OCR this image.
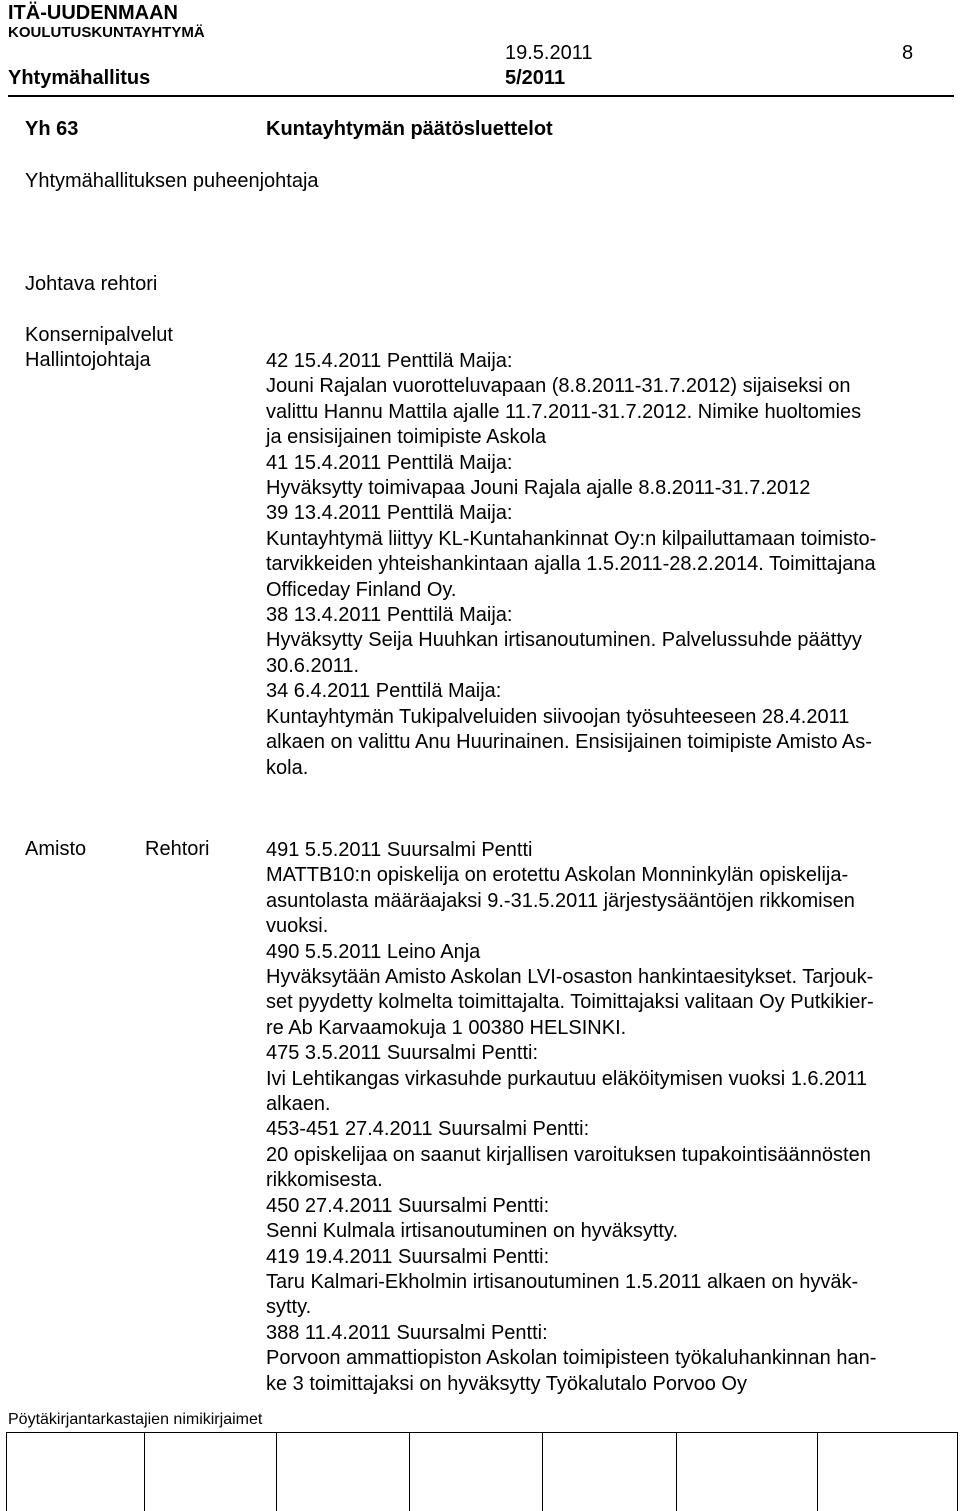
ITÄ-UUDENMAAN
KOULUTUSKUNTAYHTYMÄ
19.5.2011	8
Yhtymähallitus	5/2011
Yh 63	Kuntayhtymän päätösluettelot
Yhtymähallituksen puheenjohtaja
Johtava rehtori
Konsernipalvelut
Hallintojohtaja	42 15.4.2011 Penttilä Maija:
Jouni Rajalan vuorotteluvapaan (8.8.2011-31.7.2012) sijaiseksi on
valittu Hannu Mattila ajalle 11.7.2011-31.7.2012. Nimike huoltomies
ja ensisijainen toimipiste Askola
41 15.4.2011 Penttilä Maija:
Hyväksytty toimivapaa Jouni Rajala ajalle 8.8.2011-31.7.2012
39 13.4.2011 Penttilä Maija:
Kuntayhtymä liittyy KL-Kuntahankinnat Oy:n kilpailuttamaan toimisto-
tarvikkeiden yhteishankintaan ajalla 1.5.2011-28.2.2014. Toimittajana
Officeday Finland Oy.
38 13.4.2011 Penttilä Maija:
Hyväksytty Seija Huuhkan irtisanoutuminen. Palvelussuhde päättyy
30.6.2011.
34 6.4.2011 Penttilä Maija:
Kuntayhtymän Tukipalveluiden siivoojan työsuhteeseen 28.4.2011
alkaen on valittu Anu Huurinainen. Ensisijainen toimipiste Amisto As-
kola.
Amisto	Rehtori	491 5.5.2011 Suursalmi Pentti
MATTB10:n opiskelija on erotettu Askolan Monninkylän opiskelija-
asuntolasta määräajaksi 9.-31.5.2011 järjestysääntöjen rikkomisen
vuoksi.
490 5.5.2011 Leino Anja
Hyväksytään Amisto Askolan LVI-osaston hankintaesitykset. Tarjouk-
set pyydetty kolmelta toimittajalta. Toimittajaksi valitaan Oy Putkikier-
re Ab Karvaamokuja 1 00380 HELSINKI.
475 3.5.2011 Suursalmi Pentti:
Ivi Lehtikangas virkasuhde purkautuu eläköitymisen vuoksi 1.6.2011
alkaen.
453-451 27.4.2011 Suursalmi Pentti:
20 opiskelijaa on saanut kirjallisen varoituksen tupakointisäännösten
rikkomisesta.
450 27.4.2011 Suursalmi Pentti:
Senni Kulmala irtisanoutuminen on hyväksytty.
419 19.4.2011 Suursalmi Pentti:
Taru Kalmari-Ekholmin irtisanoutuminen 1.5.2011 alkaen on hyväk-
sytty.
388 11.4.2011 Suursalmi Pentti:
Porvoon ammattiopiston Askolan toimipisteen työkaluhankinnan han-
ke 3 toimittajaksi on hyväksytty Työkalutalo Porvoo Oy
Pöytäkirjantarkastajien nimikirjaimet
